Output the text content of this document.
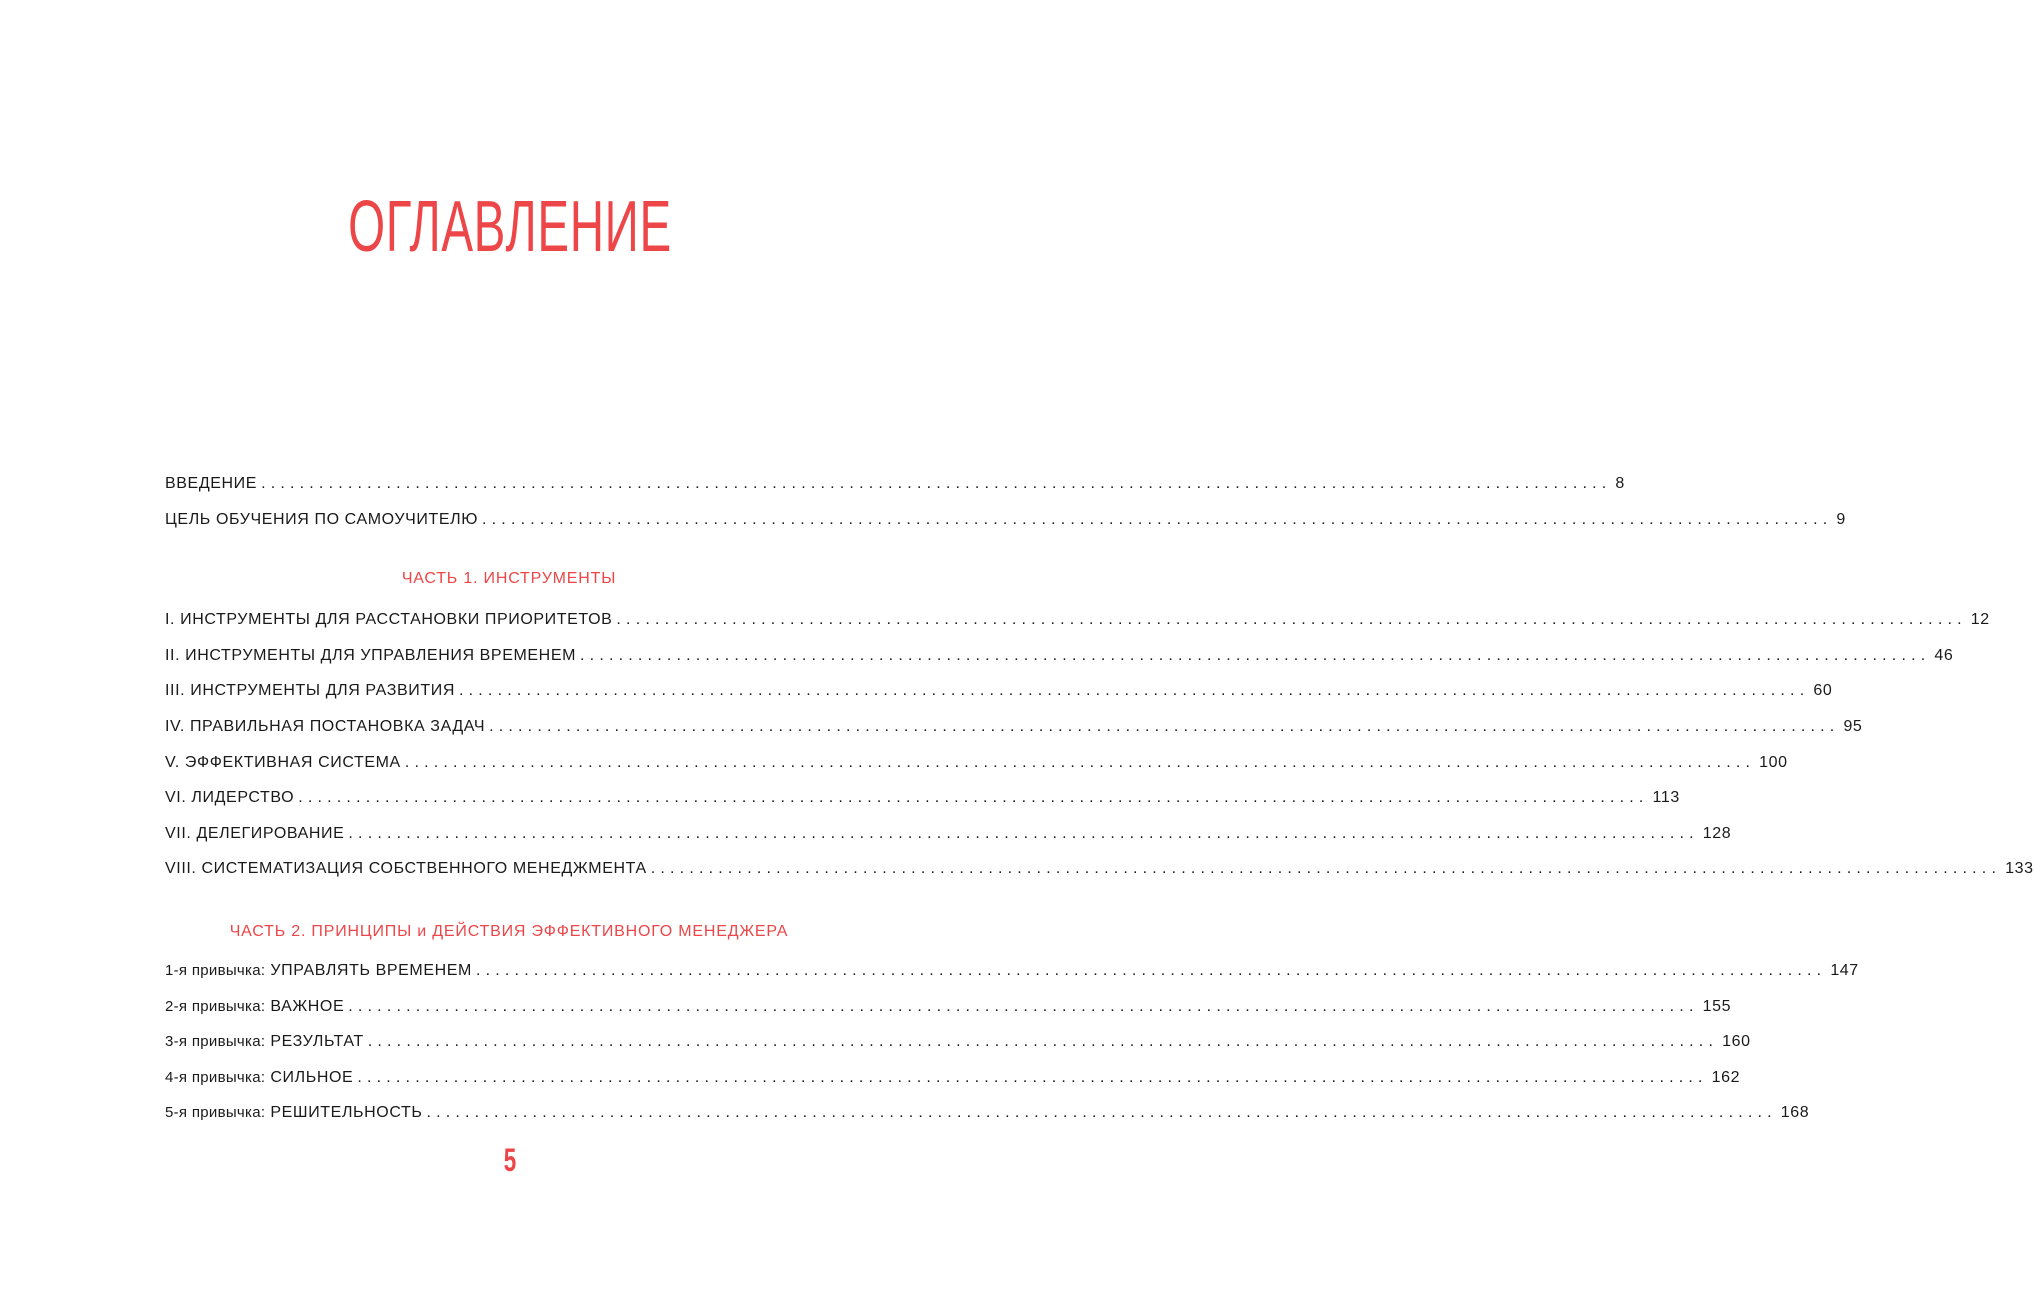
ОГЛАВЛЕНИЕ
ВВЕДЕНИЕ ............................................................................................................................................ 8
ЦЕЛЬ ОБУЧЕНИЯ ПО САМОУЧИТЕЛЮ ............................................................................................................................................ 9
ЧАСТЬ 1. ИНСТРУМЕНТЫ
I. ИНСТРУМЕНТЫ ДЛЯ РАССТАНОВКИ ПРИОРИТЕТОВ ............................................................................................................................................ 12
II. ИНСТРУМЕНТЫ ДЛЯ УПРАВЛЕНИЯ ВРЕМЕНЕМ ............................................................................................................................................ 46
III. ИНСТРУМЕНТЫ ДЛЯ РАЗВИТИЯ ............................................................................................................................................ 60
IV. ПРАВИЛЬНАЯ ПОСТАНОВКА ЗАДАЧ ............................................................................................................................................ 95
V. ЭФФЕКТИВНАЯ СИСТЕМА ............................................................................................................................................ 100
VI. ЛИДЕРСТВО ............................................................................................................................................ 113
VII. ДЕЛЕГИРОВАНИЕ ............................................................................................................................................ 128
VIII. СИСТЕМАТИЗАЦИЯ СОБСТВЕННОГО МЕНЕДЖМЕНТА ............................................................................................................................................ 133
ЧАСТЬ 2. ПРИНЦИПЫ и ДЕЙСТВИЯ ЭФФЕКТИВНОГО МЕНЕДЖЕРА
1-я привычка: УПРАВЛЯТЬ ВРЕМЕНЕМ ............................................................................................................................................ 147
2-я привычка: ВАЖНОЕ ............................................................................................................................................ 155
3-я привычка: РЕЗУЛЬТАТ ............................................................................................................................................ 160
4-я привычка: СИЛЬНОЕ ............................................................................................................................................ 162
5-я привычка: РЕШИТЕЛЬНОСТЬ ............................................................................................................................................ 168
5
